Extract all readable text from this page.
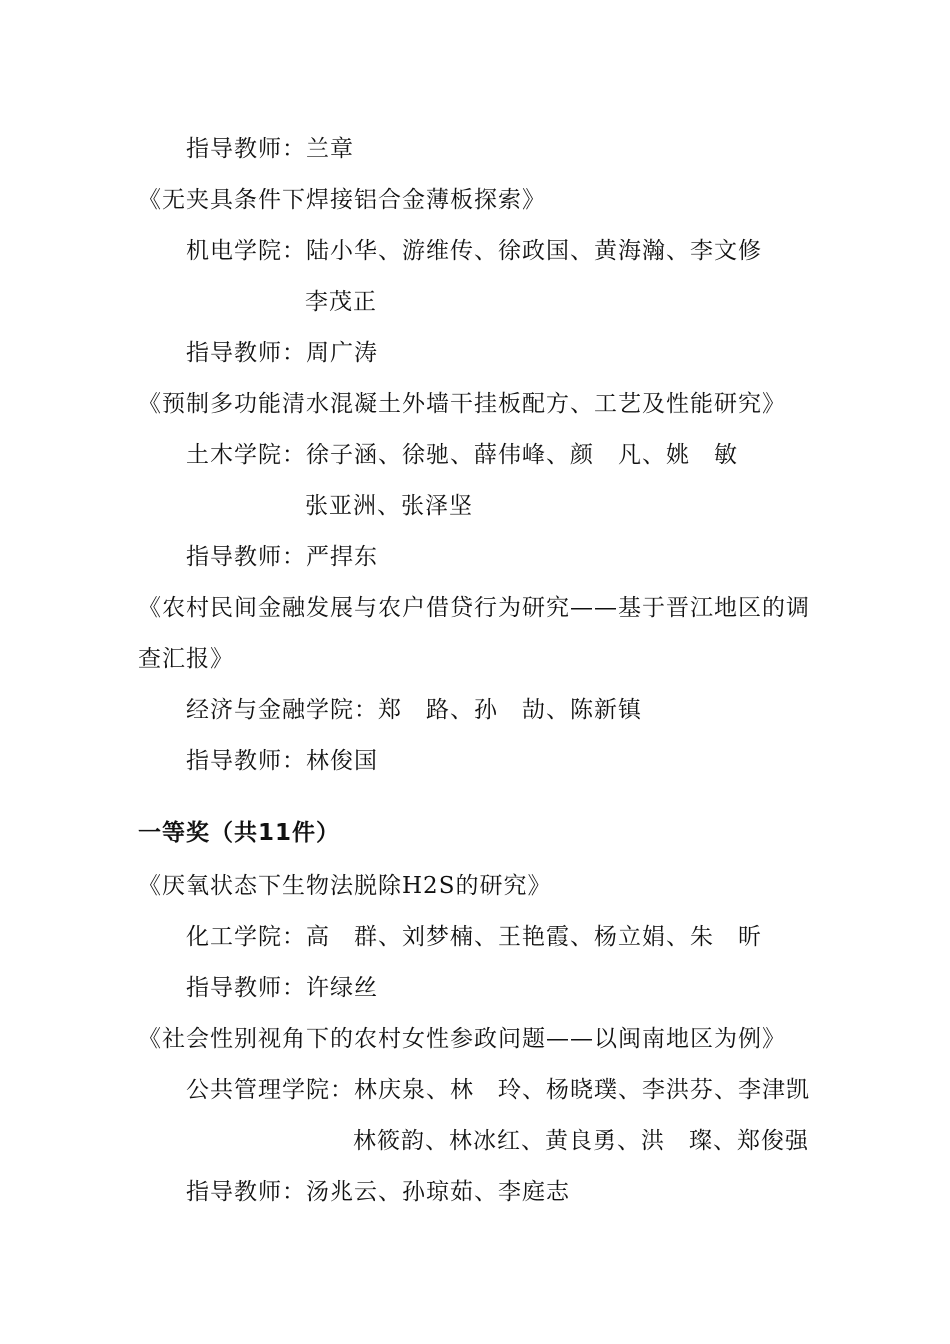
指导教师：兰章
《无夹具条件下焊接铝合金薄板探索》
机电学院：陆小华、游维传、徐政国、黄海瀚、李文修
李茂正
指导教师：周广涛
《预制多功能清水混凝土外墙干挂板配方、工艺及性能研究》
土木学院：徐子涵、徐驰、薛伟峰、颜　凡、姚　敏
张亚洲、张泽坚
指导教师：严捍东
《农村民间金融发展与农户借贷行为研究——基于晋江地区的调
查汇报》
经济与金融学院：郑　路、孙　劼、陈新镇
指导教师：林俊国
一等奖（共11件）
《厌氧状态下生物法脱除H2S的研究》
化工学院：高　群、刘梦楠、王艳霞、杨立娟、朱　昕
指导教师：许绿丝
《社会性别视角下的农村女性参政问题——以闽南地区为例》
公共管理学院：林庆泉、林　玲、杨晓璞、李洪芬、李津凯
林筱韵、林冰红、黄良勇、洪　璨、郑俊强
指导教师：汤兆云、孙琼茹、李庭志
